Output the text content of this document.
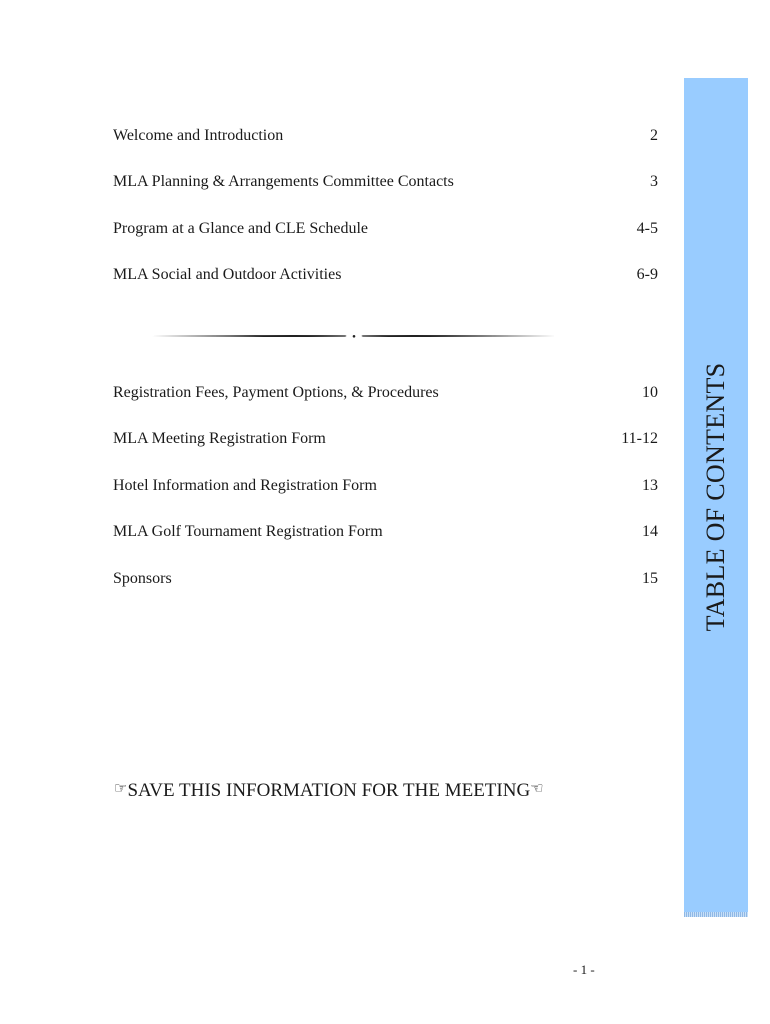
Welcome and Introduction	2
MLA Planning & Arrangements Committee Contacts	3
Program at a Glance and CLE Schedule	4-5
MLA Social and Outdoor Activities	6-9
Registration Fees, Payment Options, & Procedures	10
MLA Meeting Registration Form	11-12
Hotel Information and Registration Form	13
MLA Golf Tournament Registration Form	14
Sponsors	15
☞SAVE THIS INFORMATION FOR THE MEETING☜
TABLE OF CONTENTS
- 1 -
